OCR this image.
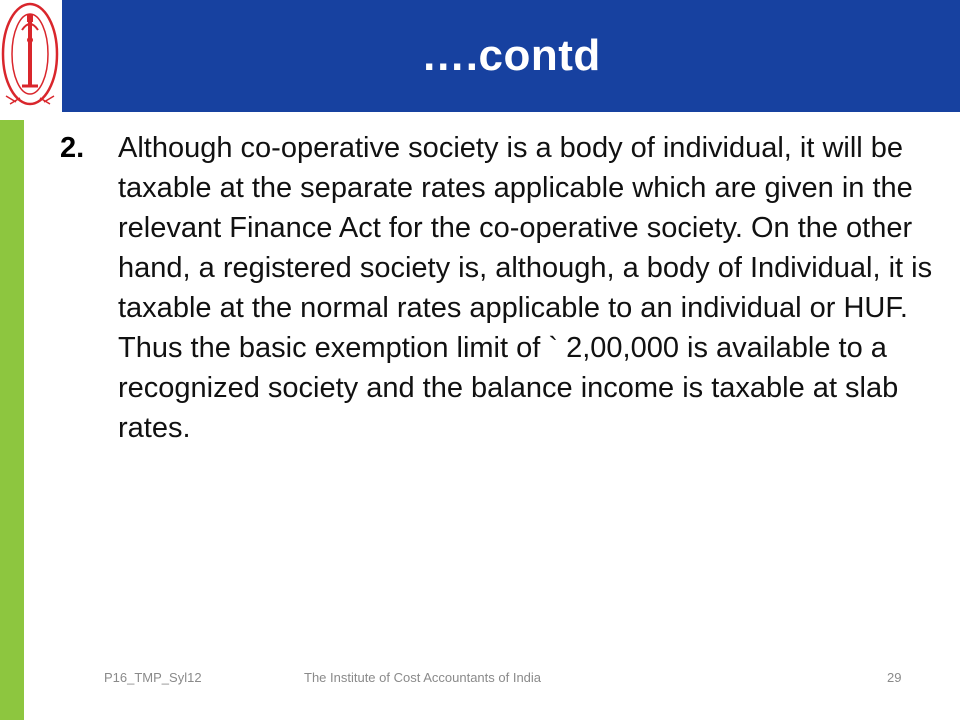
….contd
2. Although co-operative society is a body of individual, it will be taxable at the separate rates applicable which are given in the relevant Finance Act for the co-operative society. On the other hand, a registered society is, although, a body of Individual, it is taxable at the normal rates applicable to an individual or HUF. Thus the basic exemption limit of ` 2,00,000 is available to a recognized society and the balance income is taxable at slab rates.

P16_TMP_Syl12	The Institute of Cost Accountants of India	29
